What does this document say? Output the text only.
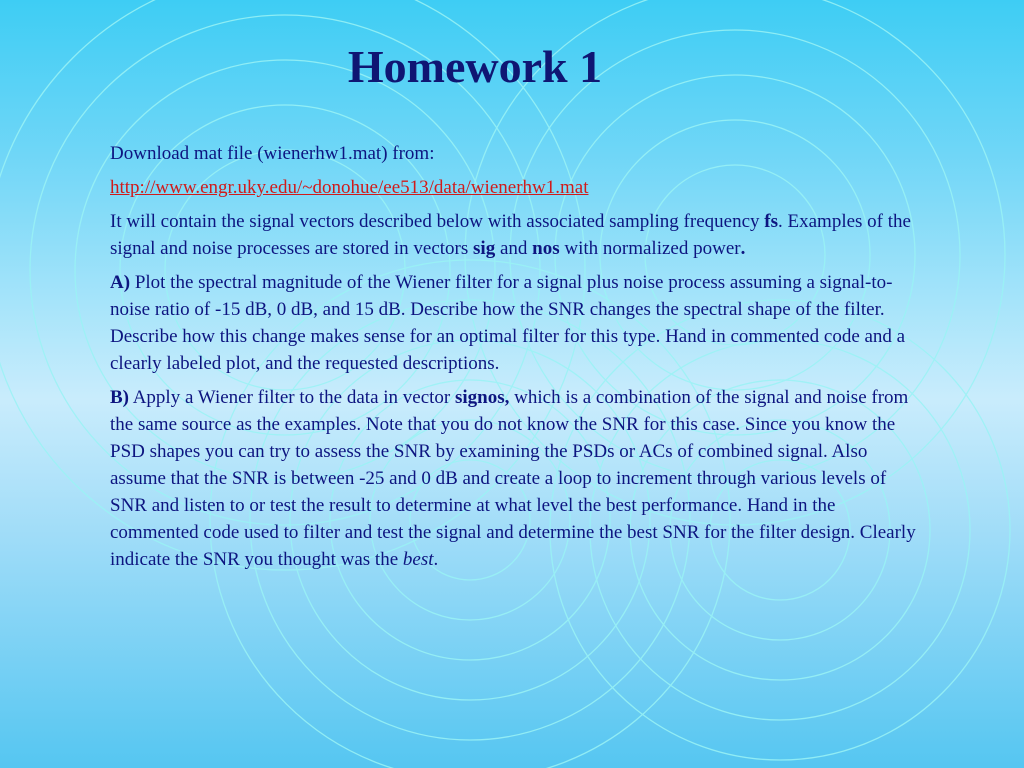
Homework 1

Download mat file (wienerhw1.mat) from:

http://www.engr.uky.edu/~donohue/ee513/data/wienerhw1.mat

It will contain the signal vectors described below with associated sampling frequency fs. Examples of the signal and noise processes are stored in vectors sig and nos with normalized power.

A) Plot the spectral magnitude of the Wiener filter for a signal plus noise process assuming a signal-to-noise ratio of -15 dB, 0 dB, and 15 dB. Describe how the SNR changes the spectral shape of the filter. Describe how this change makes sense for an optimal filter for this type. Hand in commented code and a clearly labeled plot, and the requested descriptions.

B) Apply a Wiener filter to the data in vector signos, which is a combination of the signal and noise from the same source as the examples. Note that you do not know the SNR for this case. Since you know the PSD shapes you can try to assess the SNR by examining the PSDs or ACs of combined signal. Also assume that the SNR is between -25 and 0 dB and create a loop to increment through various levels of SNR and listen to or test the result to determine at what level the best performance. Hand in the commented code used to filter and test the signal and determine the best SNR for the filter design. Clearly indicate the SNR you thought was the best.
